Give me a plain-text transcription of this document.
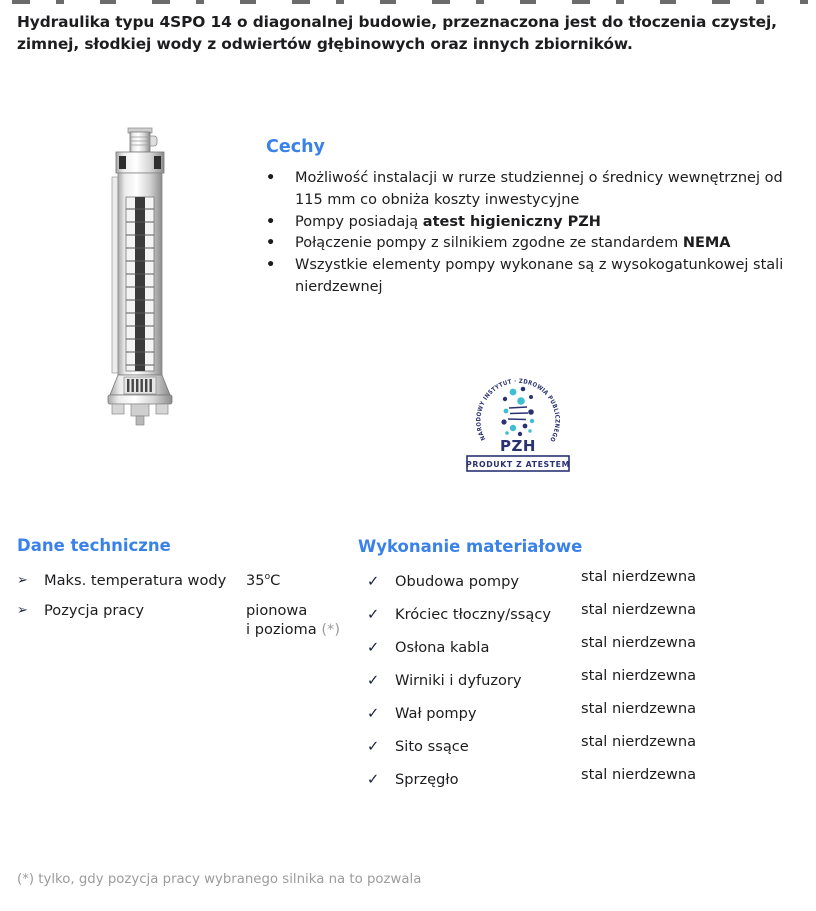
Hydraulika typu 4SPO 14 o diagonalnej budowie, przeznaczona jest do tłoczenia czystej, zimnej, słodkiej wody z odwiertów głębinowych oraz innych zbiorników.

Cechy
• Możliwość instalacji w rurze studziennej o średnicy wewnętrznej od 115 mm co obniża koszty inwestycyjne
• Pompy posiadają atest higieniczny PZH
• Połączenie pompy z silnikiem zgodne ze standardem NEMA
• Wszystkie elementy pompy wykonane są z wysokogatunkowej stali nierdzewnej
NARODOWY INSTYTUT · ZDROWIA PUBLICZNEGO
PZH
PRODUKT Z ATESTEM
Dane techniczne
➢	Maks. temperatura wody	35$^o$C
➢	Pozycja pracy	pionowa
i pozioma (*)
Wykonanie materiałowe
✓	Obudowa pompy	stal nierdzewna
✓	Króciec tłoczny/ssący	stal nierdzewna
✓	Osłona kabla	stal nierdzewna
✓	Wirniki i dyfuzory	stal nierdzewna
✓	Wał pompy	stal nierdzewna
✓	Sito ssące	stal nierdzewna
✓	Sprzęgło	stal nierdzewna

(*) tylko, gdy pozycja pracy wybranego silnika na to pozwala
